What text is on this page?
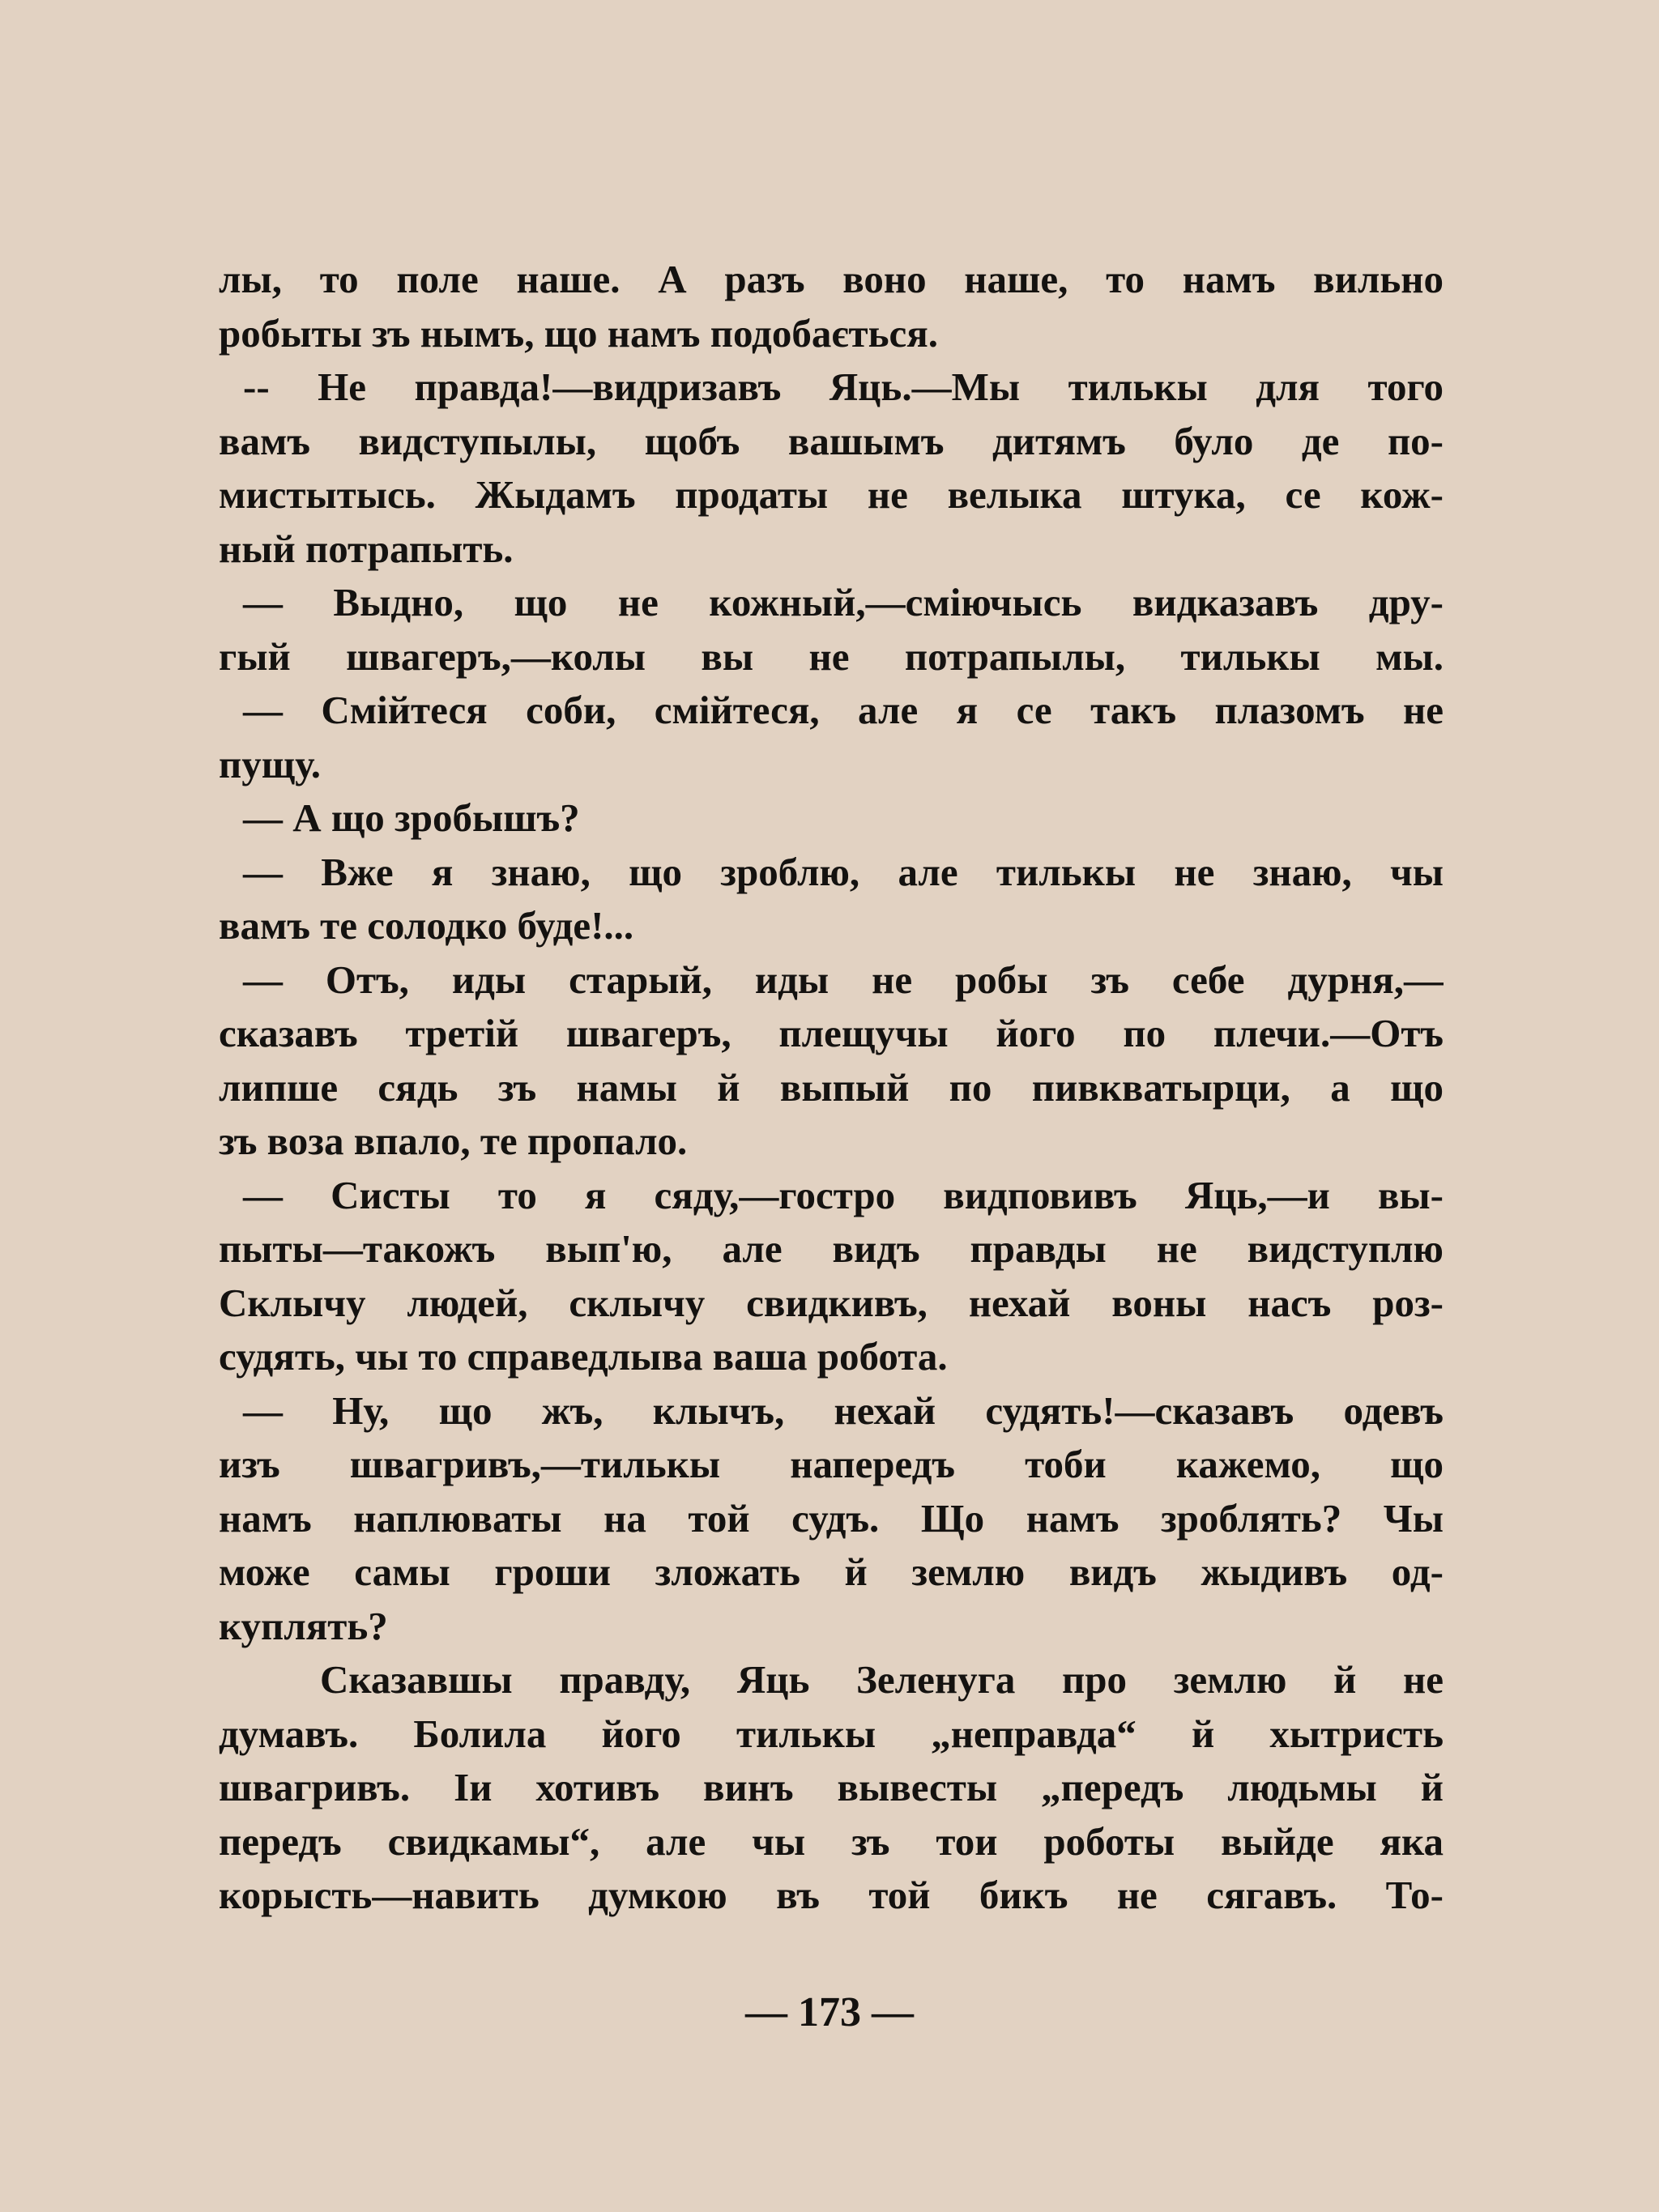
лы, то поле наше. А разъ воно наше, то намъ вильно
робыты зъ нымъ, що намъ подобається.
-- Не правда!—видризавъ Яць.—Мы тилькы для того
вамъ видступылы, щобъ вашымъ дитямъ було де по-
мистытысь. Жыдамъ продаты не велыка штука, се кож-
ный потрапыть.
— Выдно, що не кожный,—сміючысь видказавъ дру-
гый швагеръ,—колы вы не потрапылы, тилькы мы.
— Смійтеся соби, смійтеся, але я се такъ плазомъ не
пущу.
— А що зробышъ?
— Вже я знаю, що зроблю, але тилькы не знаю, чы
вамъ те солодко буде!...
— Отъ, иды старый, иды не робы зъ себе дурня,—
сказавъ третій швагеръ, плещучы його по плечи.—Отъ
липше сядь зъ намы й выпый по пивкватырци, а що
зъ воза впало, те пропало.
— Систы то я сяду,—гостро видповивъ Яць,—и вы-
пыты—такожъ вып'ю, але видъ правды не видступлю
Склычу людей, склычу свидкивъ, нехай воны насъ роз-
судять, чы то справедлыва ваша робота.
— Ну, що жъ, клычъ, нехай судять!—сказавъ одевъ
изъ швагривъ,—тилькы напередъ тоби кажемо, що
намъ наплюваты на той судъ. Що намъ зроблять? Чы
може самы гроши зложать й землю видъ жыдивъ од-
куплять?
Сказавшы правду, Яць Зеленуга про землю й не
думавъ. Болила його тилькы „неправда“ й хытристь
швагривъ. Іи хотивъ винъ вывесты „передъ людьмы й
передъ свидкамы“, але чы зъ тои роботы выйде яка
корысть—навить думкою въ той бикъ не сягавъ. То-
— 173 —
